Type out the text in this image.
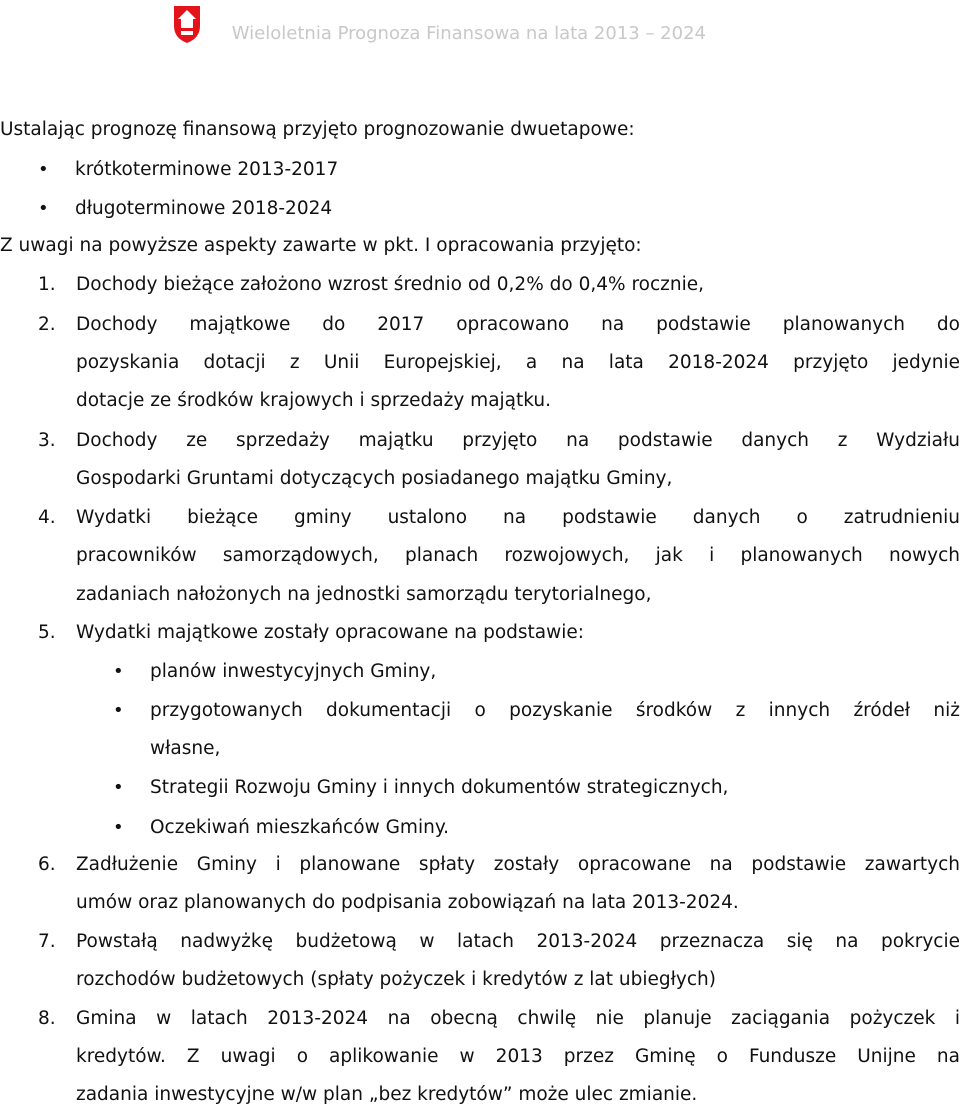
Wieloletnia Prognoza Finansowa na lata 2013 – 2024
Ustalając prognozę finansową przyjęto prognozowanie dwuetapowe:
• krótkoterminowe 2013-2017
• długoterminowe 2018-2024
Z uwagi na powyższe aspekty zawarte w pkt. I opracowania przyjęto:
1. Dochody bieżące założono wzrost średnio od 0,2% do 0,4% rocznie,
2. Dochody majątkowe do 2017 opracowano na podstawie planowanych do
pozyskania dotacji z Unii Europejskiej, a na lata 2018-2024 przyjęto jedynie
dotacje ze środków krajowych i sprzedaży majątku.
3. Dochody ze sprzedaży majątku przyjęto na podstawie danych z Wydziału
Gospodarki Gruntami dotyczących posiadanego majątku Gminy,
4. Wydatki bieżące gminy ustalono na podstawie danych o zatrudnieniu
pracowników samorządowych, planach rozwojowych, jak i planowanych nowych
zadaniach nałożonych na jednostki samorządu terytorialnego,
5. Wydatki majątkowe zostały opracowane na podstawie:
• planów inwestycyjnych Gminy,
• przygotowanych dokumentacji o pozyskanie środków z innych źródeł niż
własne,
• Strategii Rozwoju Gminy i innych dokumentów strategicznych,
• Oczekiwań mieszkańców Gminy.
6. Zadłużenie Gminy i planowane spłaty zostały opracowane na podstawie zawartych
umów oraz planowanych do podpisania zobowiązań na lata 2013-2024.
7. Powstałą nadwyżkę budżetową w latach 2013-2024 przeznacza się na pokrycie
rozchodów budżetowych (spłaty pożyczek i kredytów z lat ubiegłych)
8. Gmina w latach 2013-2024 na obecną chwilę nie planuje zaciągania pożyczek i
kredytów. Z uwagi o aplikowanie w 2013 przez Gminę o Fundusze Unijne na
zadania inwestycyjne w/w plan „bez kredytów” może ulec zmianie.
